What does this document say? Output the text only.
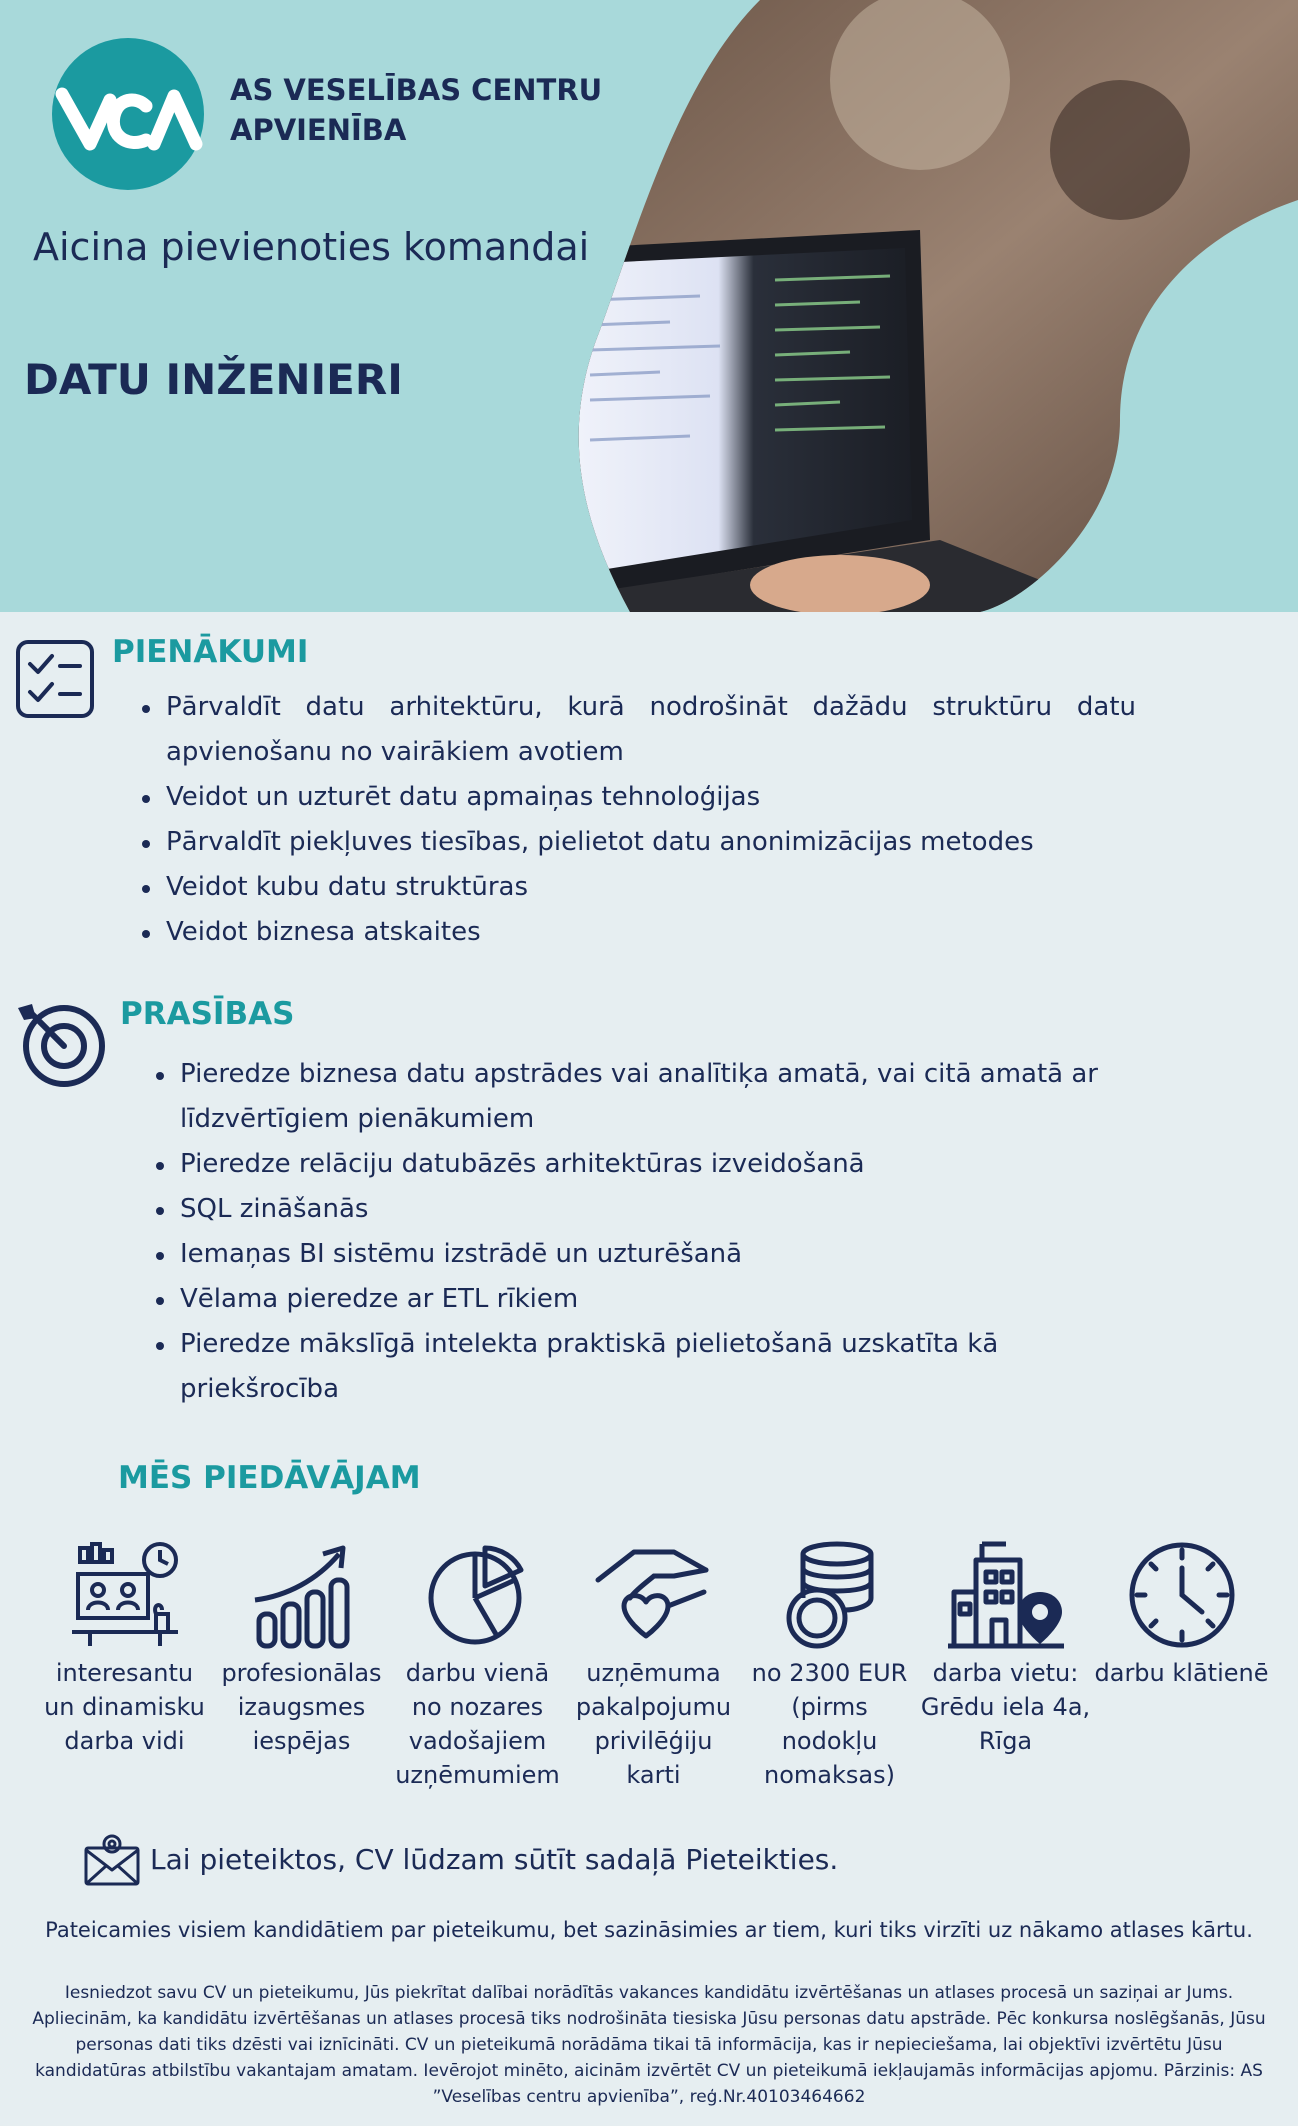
AS VESELĪBAS CENTRU
APVIENĪBA
Aicina pievienoties komandai
DATU INŽENIERI
PIENĀKUMI
Pārvaldīt datu arhitektūru, kurā nodrošināt dažādu struktūru datu apvienošanu no vairākiem avotiem
Veidot un uzturēt datu apmaiņas tehnoloģijas
Pārvaldīt piekļuves tiesības, pielietot datu anonimizācijas metodes
Veidot kubu datu struktūras
Veidot biznesa atskaites
PRASĪBAS
Pieredze biznesa datu apstrādes vai analītiķa amatā, vai citā amatā ar līdzvērtīgiem pienākumiem
Pieredze relāciju datubāzēs arhitektūras izveidošanā
SQL zināšanās
Iemaņas BI sistēmu izstrādē un uzturēšanā
Vēlama pieredze ar ETL rīkiem
Pieredze mākslīgā intelekta praktiskā pielietošanā uzskatīta kā priekšrocība
MĒS PIEDĀVĀJAM
interesantu un dinamisku darba vidi
profesionālas izaugsmes iespējas
darbu vienā no nozares vadošajiem uzņēmumiem
uzņēmuma pakalpojumu privilēģiju karti
no 2300 EUR (pirms nodokļu nomaksas)
darba vietu: Grēdu iela 4a, Rīga
darbu klātienē
Lai pieteiktos, CV lūdzam sūtīt sadaļā Pieteikties.
Pateicamies visiem kandidātiem par pieteikumu, bet sazināsimies ar tiem, kuri tiks virzīti uz nākamo atlases kārtu.
Iesniedzot savu CV un pieteikumu, Jūs piekrītat dalībai norādītās vakances kandidātu izvērtēšanas un atlases procesā un saziņai ar Jums. Apliecinām, ka kandidātu izvērtēšanas un atlases procesā tiks nodrošināta tiesiska Jūsu personas datu apstrāde. Pēc konkursa noslēgšanās, Jūsu personas dati tiks dzēsti vai iznīcināti. CV un pieteikumā norādāma tikai tā informācija, kas ir nepieciešama, lai objektīvi izvērtētu Jūsu kandidatūras atbilstību vakantajam amatam. Ievērojot minēto, aicinām izvērtēt CV un pieteikumā iekļaujamās informācijas apjomu. Pārzinis: AS ”Veselības centru apvienība”, reģ.Nr.40103464662
